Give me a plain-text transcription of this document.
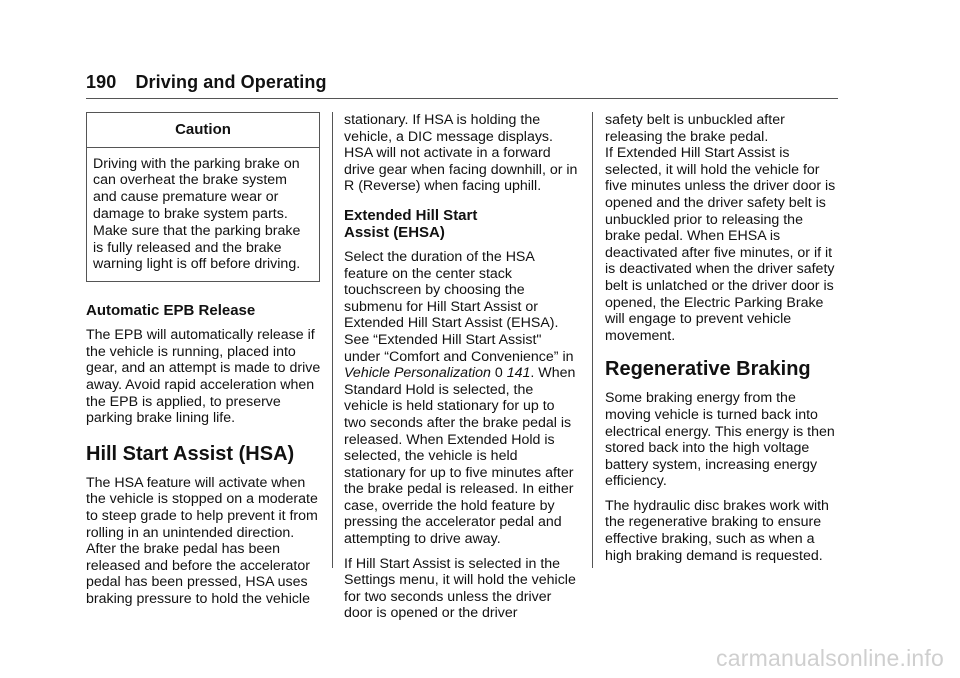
190 Driving and Operating
Caution
Driving with the parking brake on can overheat the brake system and cause premature wear or damage to brake system parts. Make sure that the parking brake is fully released and the brake warning light is off before driving.
Automatic EPB Release

The EPB will automatically release if the vehicle is running, placed into gear, and an attempt is made to drive away. Avoid rapid acceleration when the EPB is applied, to preserve parking brake lining life.

Hill Start Assist (HSA)

The HSA feature will activate when the vehicle is stopped on a moderate to steep grade to help prevent it from rolling in an unintended direction. After the brake pedal has been released and before the accelerator pedal has been pressed, HSA uses braking pressure to hold the vehicle

stationary. If HSA is holding the vehicle, a DIC message displays. HSA will not activate in a forward drive gear when facing downhill, or in R (Reverse) when facing uphill.

Extended Hill Start
Assist (EHSA)

Select the duration of the HSA feature on the center stack touchscreen by choosing the submenu for Hill Start Assist or Extended Hill Start Assist (EHSA). See “Extended Hill Start Assist" under “Comfort and Convenience” in Vehicle Personalization 0 141. When Standard Hold is selected, the vehicle is held stationary for up to two seconds after the brake pedal is released. When Extended Hold is selected, the vehicle is held stationary for up to five minutes after the brake pedal is released. In either case, override the hold feature by pressing the accelerator pedal and attempting to drive away.

If Hill Start Assist is selected in the Settings menu, it will hold the vehicle for two seconds unless the driver door is opened or the driver

safety belt is unbuckled after releasing the brake pedal.

If Extended Hill Start Assist is selected, it will hold the vehicle for five minutes unless the driver door is opened and the driver safety belt is unbuckled prior to releasing the brake pedal. When EHSA is deactivated after five minutes, or if it is deactivated when the driver safety belt is unlatched or the driver door is opened, the Electric Parking Brake will engage to prevent vehicle movement.

Regenerative Braking

Some braking energy from the moving vehicle is turned back into electrical energy. This energy is then stored back into the high voltage battery system, increasing energy efficiency.

The hydraulic disc brakes work with the regenerative braking to ensure effective braking, such as when a high braking demand is requested.

carmanualsonline.info
